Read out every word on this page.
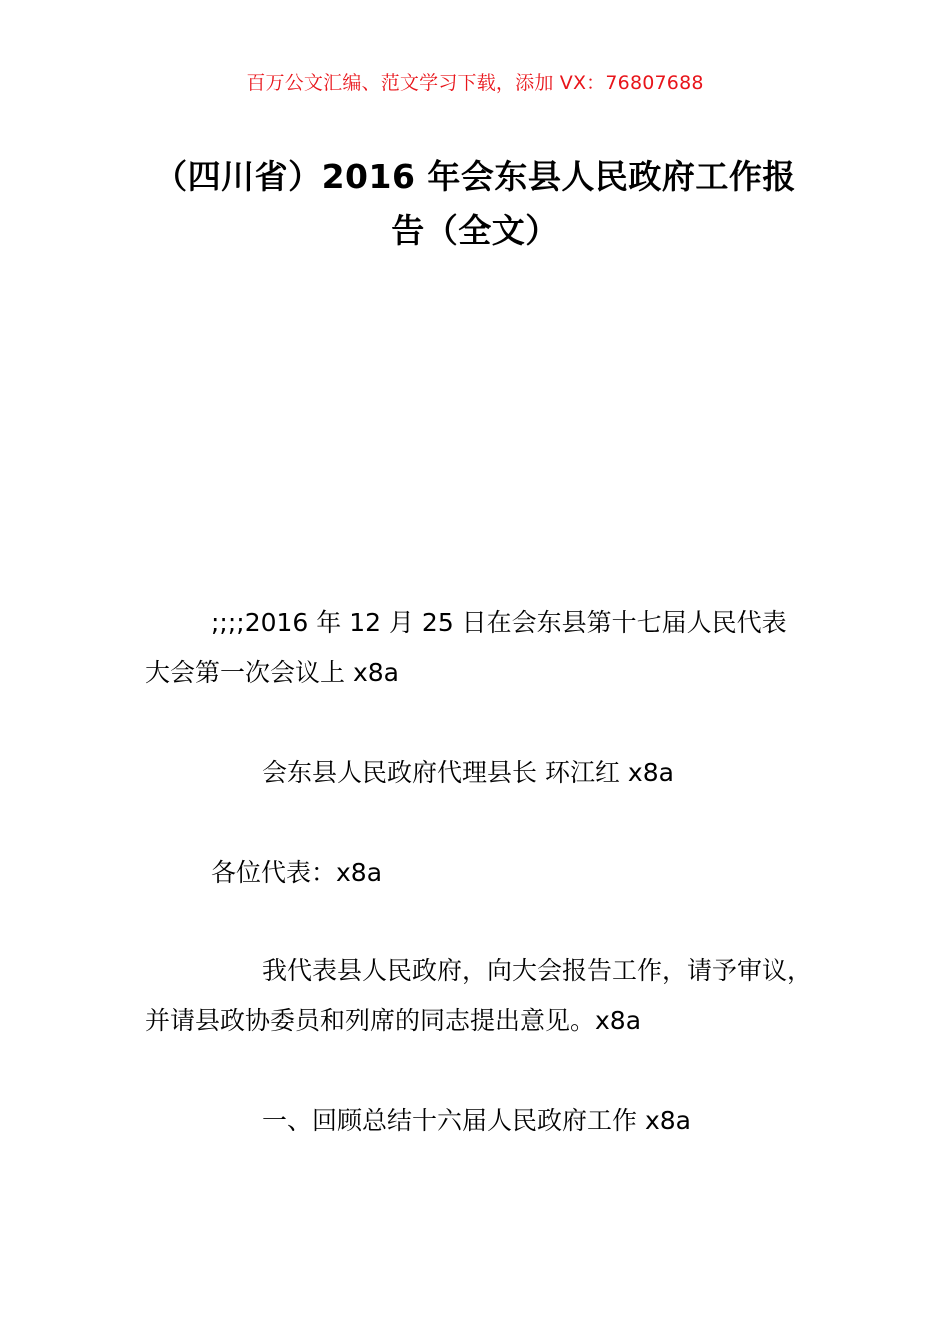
百万公文汇编、范文学习下载，添加 VX：76807688
（四川省）2016 年会东县人民政府工作报
告（全文）
;;;;2016 年 12 月 25 日在会东县第十七届人民代表
大会第一次会议上 x8a
会东县人民政府代理县长 环江红 x8a
各位代表：x8a
我代表县人民政府，向大会报告工作，请予审议，
并请县政协委员和列席的同志提出意见。x8a
一、回顾总结十六届人民政府工作 x8a
